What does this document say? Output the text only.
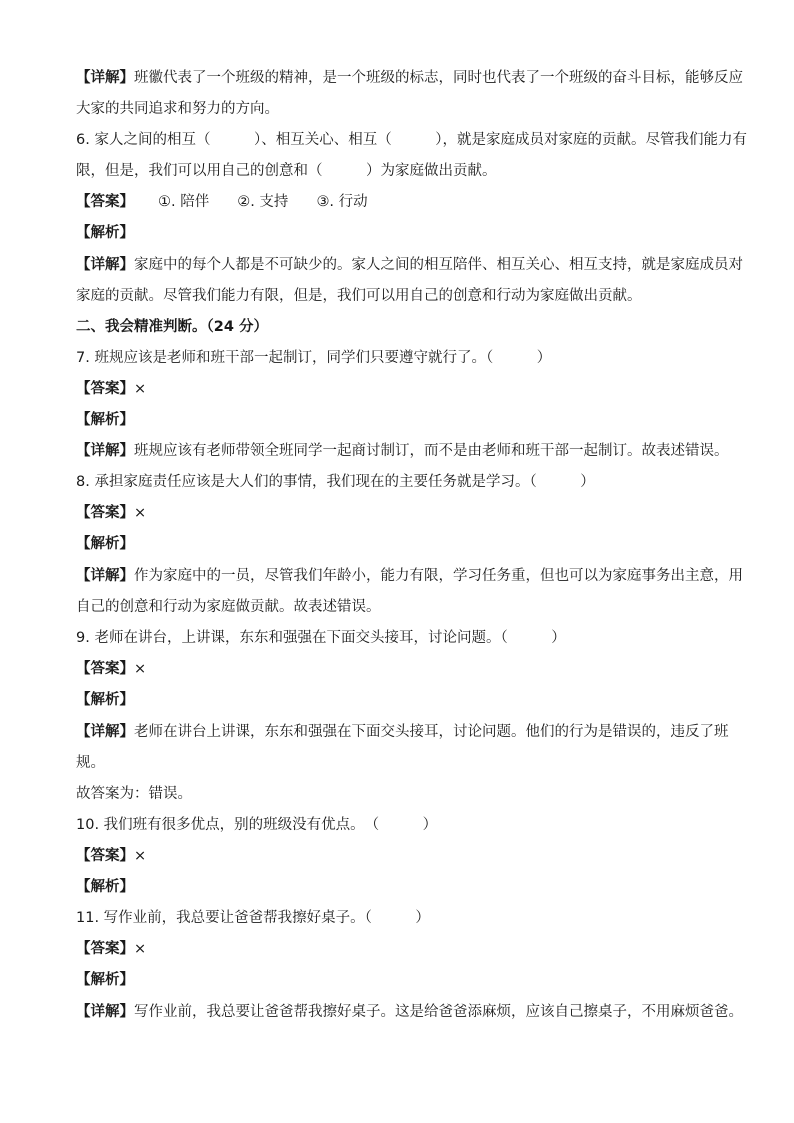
【详解】班徽代表了一个班级的精神，是一个班级的标志，同时也代表了一个班级的奋斗目标，能够反应
大家的共同追求和努力的方向。
6. 家人之间的相互（　　　）、相互关心、相互（　　　），就是家庭成员对家庭的贡献。尽管我们能力有
限，但是，我们可以用自己的创意和（　　　）为家庭做出贡献。
【答案】 ①. 陪伴 ②. 支持 ③. 行动
【解析】
【详解】家庭中的每个人都是不可缺少的。家人之间的相互陪伴、相互关心、相互支持，就是家庭成员对
家庭的贡献。尽管我们能力有限，但是，我们可以用自己的创意和行动为家庭做出贡献。
二、我会精准判断。（24 分）
7. 班规应该是老师和班干部一起制订，同学们只要遵守就行了。（　　　）
【答案】×
【解析】
【详解】班规应该有老师带领全班同学一起商讨制订，而不是由老师和班干部一起制订。故表述错误。
8. 承担家庭责任应该是大人们的事情，我们现在的主要任务就是学习。（　　　）
【答案】×
【解析】
【详解】作为家庭中的一员，尽管我们年龄小，能力有限，学习任务重，但也可以为家庭事务出主意，用
自己的创意和行动为家庭做贡献。故表述错误。
9. 老师在讲台，上讲课，东东和强强在下面交头接耳，讨论问题。（　　　）
【答案】×
【解析】
【详解】老师在讲台上讲课，东东和强强在下面交头接耳，讨论问题。他们的行为是错误的，违反了班
规。
故答案为：错误。
10. 我们班有很多优点，别的班级没有优点。　（　　　）
【答案】×
【解析】
11. 写作业前，我总要让爸爸帮我擦好桌子。（　　　）
【答案】×
【解析】
【详解】写作业前，我总要让爸爸帮我擦好桌子。这是给爸爸添麻烦，应该自己擦桌子，不用麻烦爸爸。
